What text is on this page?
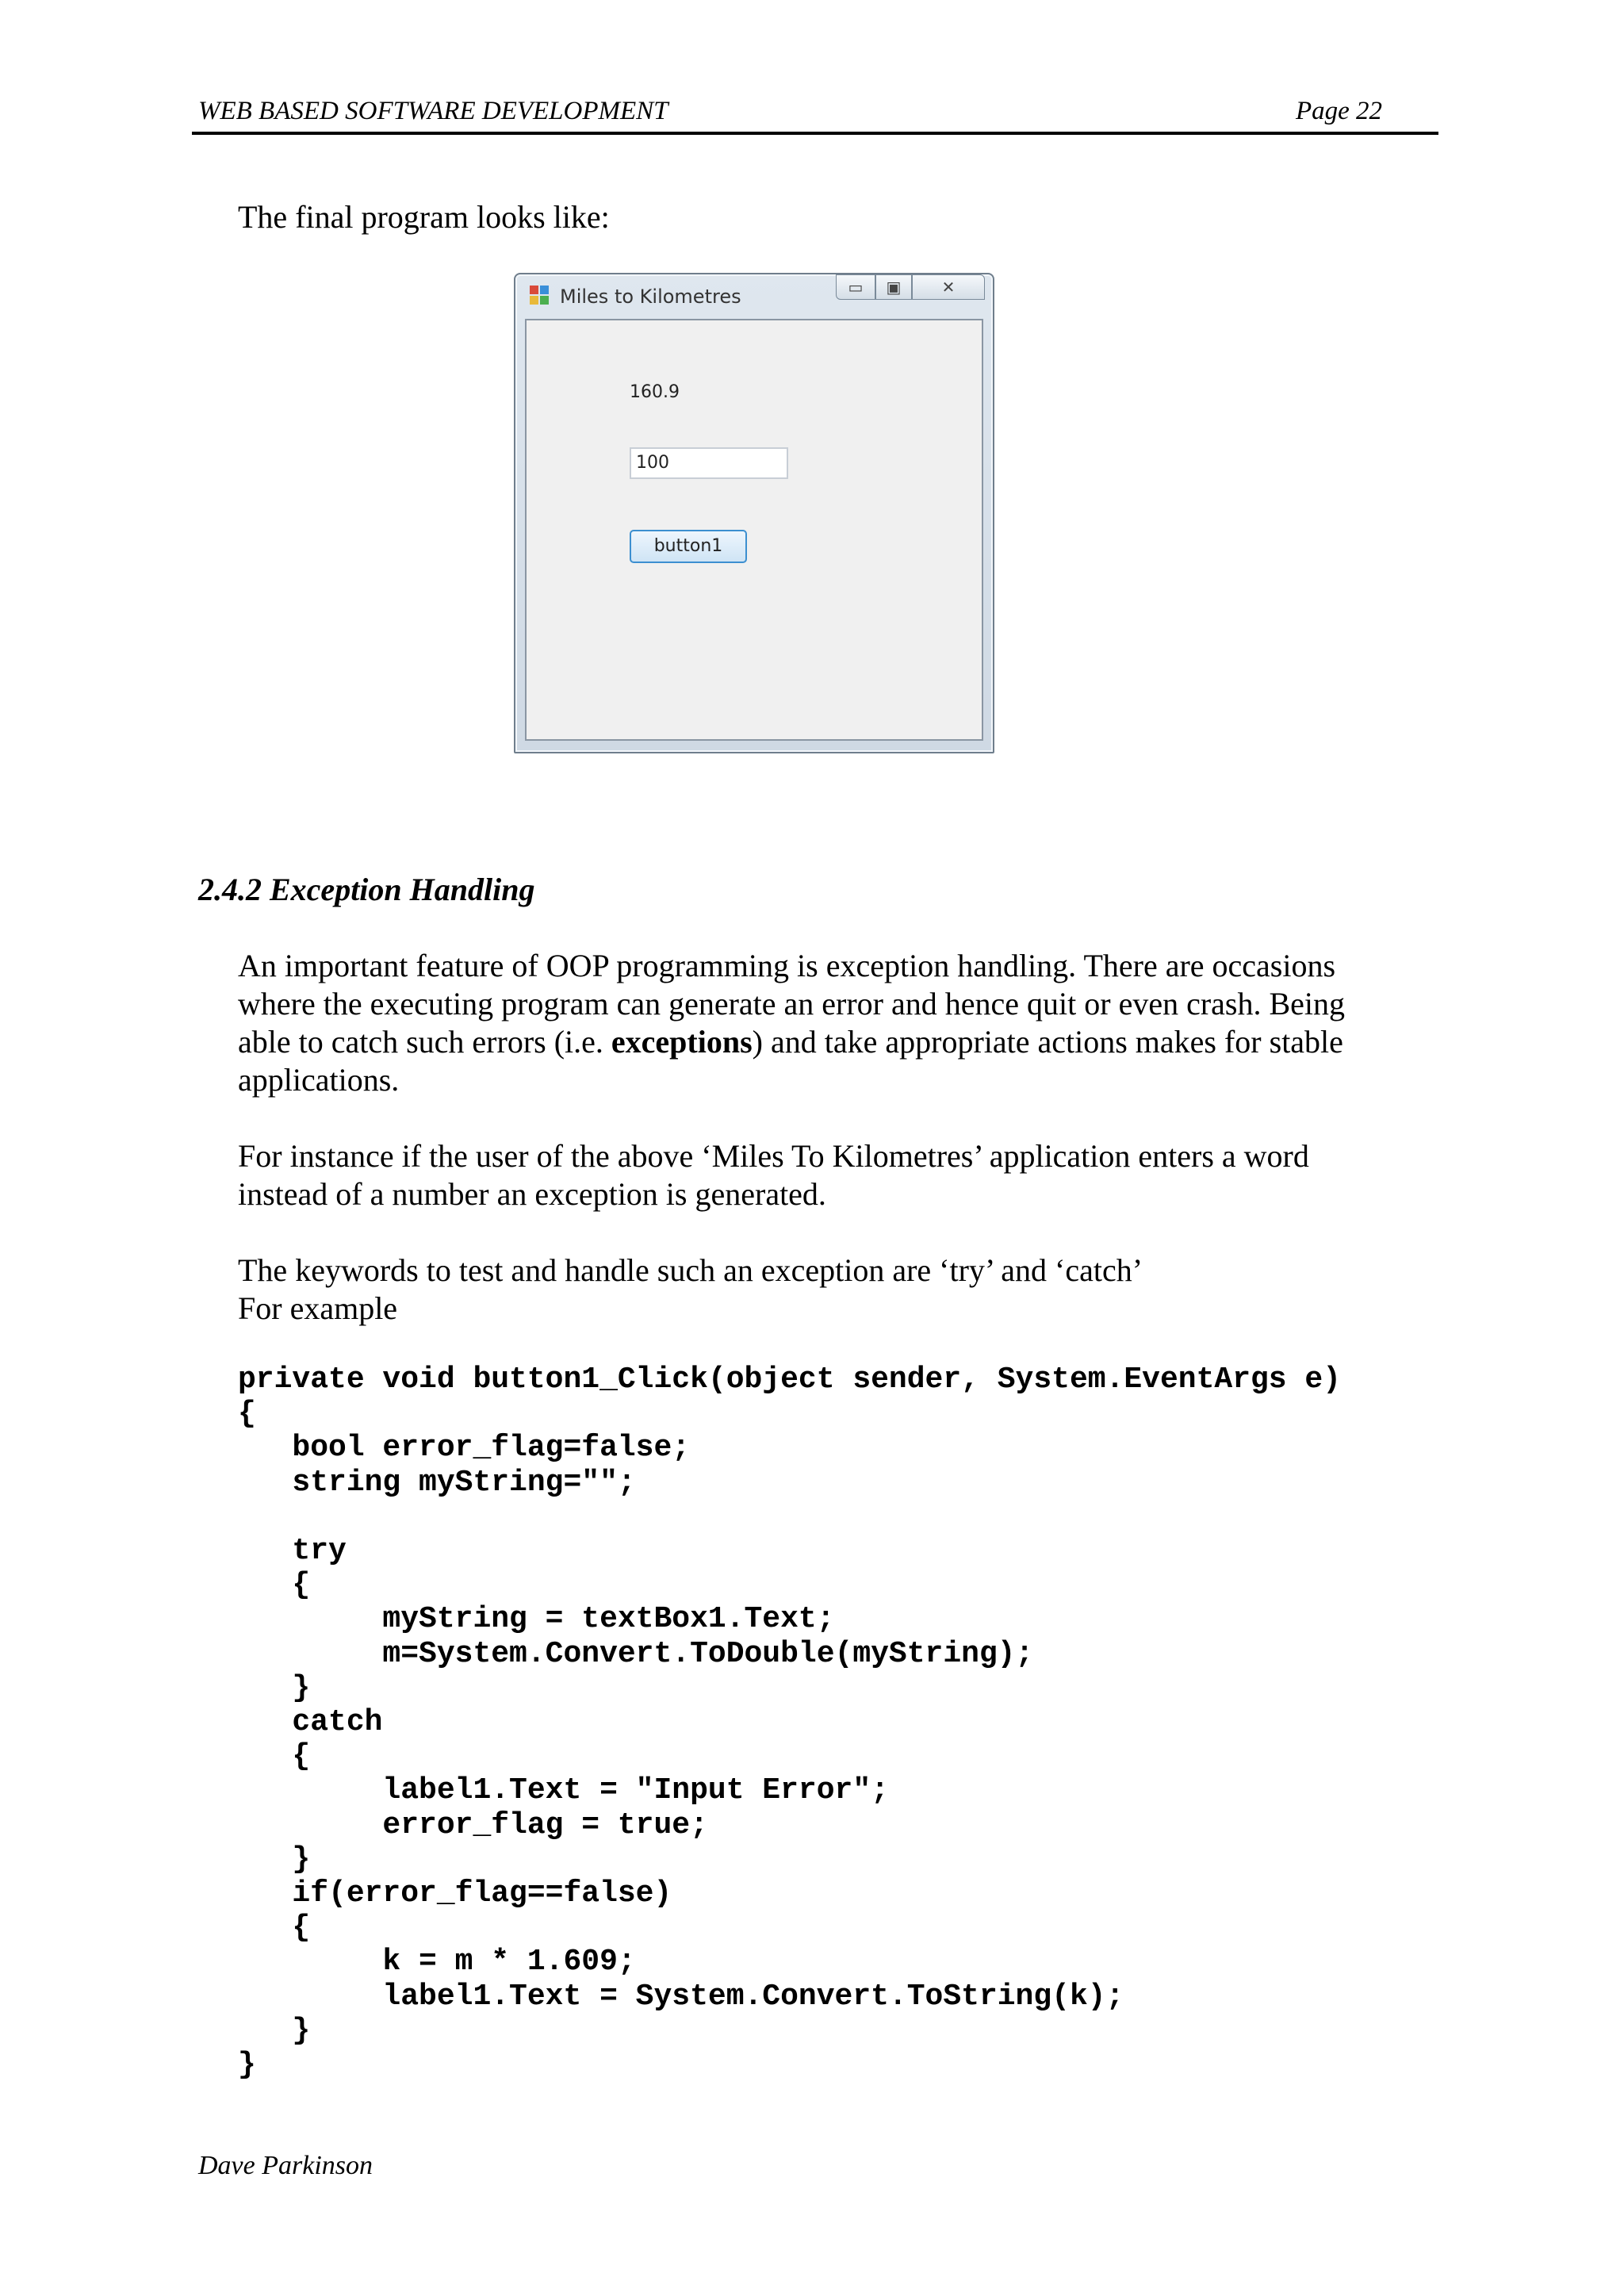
WEB BASED SOFTWARE DEVELOPMENT	Page 22

The final program looks like:

Miles to Kilometres	▭	▣	✕
160.9
100
button1
2.4.2 Exception Handling

An important feature of OOP programming is exception handling. There are occasions where the executing program can generate an error and hence quit or even crash. Being able to catch such errors (i.e. exceptions) and take appropriate actions makes for stable applications.

For instance if the user of the above ‘Miles To Kilometres’ application enters a word instead of a number an exception is generated.

The keywords to test and handle such an exception are ‘try’ and ‘catch’
For example
private void button1_Click(object sender, System.EventArgs e)
{
bool error_flag=false;
string myString="";

try
{
myString = textBox1.Text;
m=System.Convert.ToDouble(myString);
}
catch
{
label1.Text = "Input Error";
error_flag = true;
}
if(error_flag==false)
{
k = m * 1.609;
label1.Text = System.Convert.ToString(k);
}
}
Dave Parkinson
